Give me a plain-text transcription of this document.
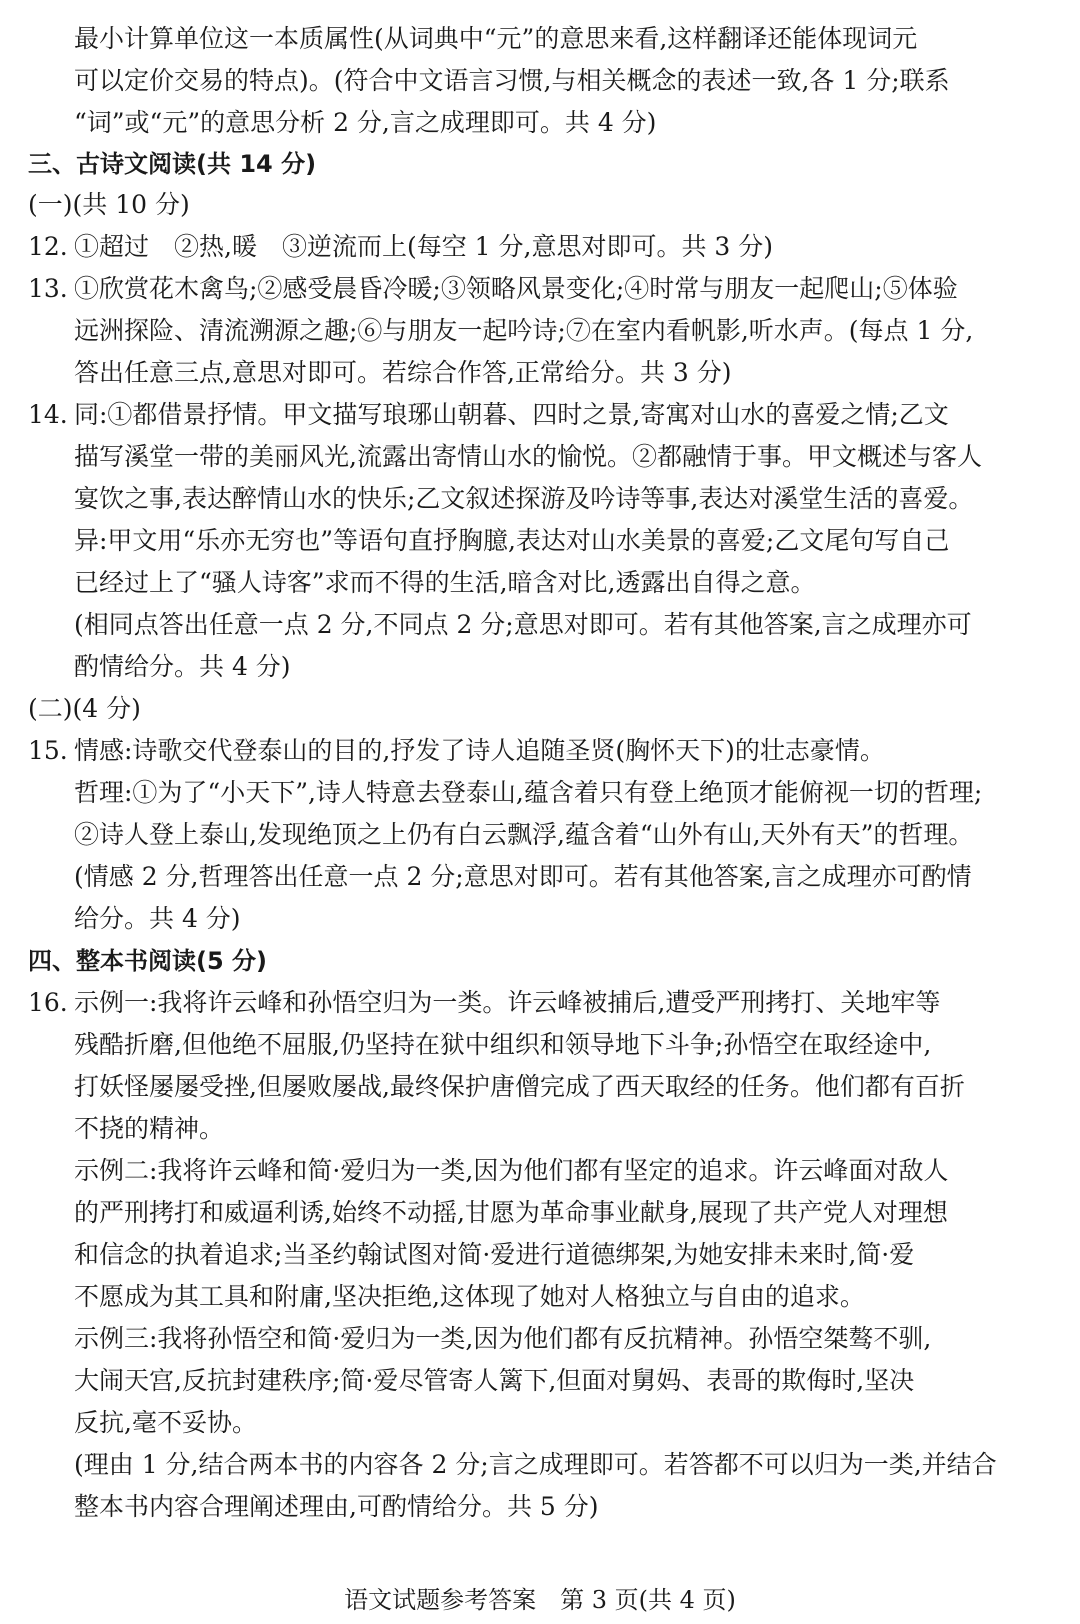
最小计算单位这一本质属性(从词典中“元”的意思来看,这样翻译还能体现词元
可以定价交易的特点)。(符合中文语言习惯,与相关概念的表述一致,各 1 分;联系
“词”或“元”的意思分析 2 分,言之成理即可。共 4 分)
三、古诗文阅读(共 14 分)
(一)(共 10 分)
12. ①超过　②热,暖　③逆流而上(每空 1 分,意思对即可。共 3 分)
13. ①欣赏花木禽鸟;②感受晨昏冷暖;③领略风景变化;④时常与朋友一起爬山;⑤体验
远洲探险、清流溯源之趣;⑥与朋友一起吟诗;⑦在室内看帆影,听水声。(每点 1 分,
答出任意三点,意思对即可。若综合作答,正常给分。共 3 分)
14. 同:①都借景抒情。甲文描写琅琊山朝暮、四时之景,寄寓对山水的喜爱之情;乙文
描写溪堂一带的美丽风光,流露出寄情山水的愉悦。②都融情于事。甲文概述与客人
宴饮之事,表达醉情山水的快乐;乙文叙述探游及吟诗等事,表达对溪堂生活的喜爱。
异:甲文用“乐亦无穷也”等语句直抒胸臆,表达对山水美景的喜爱;乙文尾句写自己
已经过上了“骚人诗客”求而不得的生活,暗含对比,透露出自得之意。
(相同点答出任意一点 2 分,不同点 2 分;意思对即可。若有其他答案,言之成理亦可
酌情给分。共 4 分)
(二)(4 分)
15. 情感:诗歌交代登泰山的目的,抒发了诗人追随圣贤(胸怀天下)的壮志豪情。
哲理:①为了“小天下”,诗人特意去登泰山,蕴含着只有登上绝顶才能俯视一切的哲理;
②诗人登上泰山,发现绝顶之上仍有白云飘浮,蕴含着“山外有山,天外有天”的哲理。
(情感 2 分,哲理答出任意一点 2 分;意思对即可。若有其他答案,言之成理亦可酌情
给分。共 4 分)
四、整本书阅读(5 分)
16. 示例一:我将许云峰和孙悟空归为一类。许云峰被捕后,遭受严刑拷打、关地牢等
残酷折磨,但他绝不屈服,仍坚持在狱中组织和领导地下斗争;孙悟空在取经途中,
打妖怪屡屡受挫,但屡败屡战,最终保护唐僧完成了西天取经的任务。他们都有百折
不挠的精神。
示例二:我将许云峰和简·爱归为一类,因为他们都有坚定的追求。许云峰面对敌人
的严刑拷打和威逼利诱,始终不动摇,甘愿为革命事业献身,展现了共产党人对理想
和信念的执着追求;当圣约翰试图对简·爱进行道德绑架,为她安排未来时,简·爱
不愿成为其工具和附庸,坚决拒绝,这体现了她对人格独立与自由的追求。
示例三:我将孙悟空和简·爱归为一类,因为他们都有反抗精神。孙悟空桀骜不驯,
大闹天宫,反抗封建秩序;简·爱尽管寄人篱下,但面对舅妈、表哥的欺侮时,坚决
反抗,毫不妥协。
(理由 1 分,结合两本书的内容各 2 分;言之成理即可。若答都不可以归为一类,并结合
整本书内容合理阐述理由,可酌情给分。共 5 分)
语文试题参考答案　第 3 页(共 4 页)
